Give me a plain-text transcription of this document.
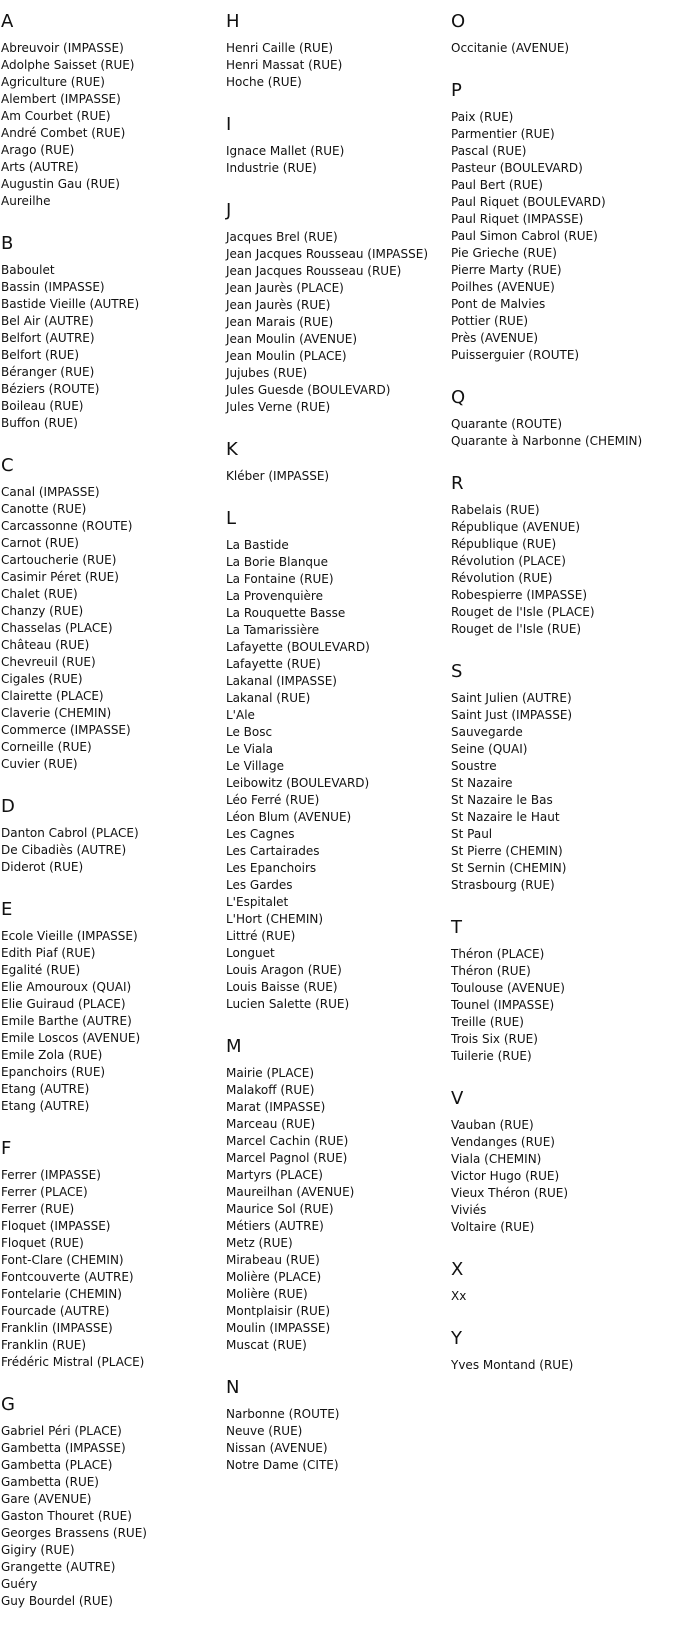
A
Abreuvoir (IMPASSE)
Adolphe Saisset (RUE)
Agriculture (RUE)
Alembert (IMPASSE)
Am Courbet (RUE)
André Combet (RUE)
Arago (RUE)
Arts (AUTRE)
Augustin Gau (RUE)
Aureilhe
B
Baboulet
Bassin (IMPASSE)
Bastide Vieille (AUTRE)
Bel Air (AUTRE)
Belfort (AUTRE)
Belfort (RUE)
Béranger (RUE)
Béziers (ROUTE)
Boileau (RUE)
Buffon (RUE)
C
Canal (IMPASSE)
Canotte (RUE)
Carcassonne (ROUTE)
Carnot (RUE)
Cartoucherie (RUE)
Casimir Péret (RUE)
Chalet (RUE)
Chanzy (RUE)
Chasselas (PLACE)
Château (RUE)
Chevreuil (RUE)
Cigales (RUE)
Clairette (PLACE)
Claverie (CHEMIN)
Commerce (IMPASSE)
Corneille (RUE)
Cuvier (RUE)
D
Danton Cabrol (PLACE)
De Cibadiès (AUTRE)
Diderot (RUE)
E
Ecole Vieille (IMPASSE)
Edith Piaf (RUE)
Egalité (RUE)
Elie Amouroux (QUAI)
Elie Guiraud (PLACE)
Emile Barthe (AUTRE)
Emile Loscos (AVENUE)
Emile Zola (RUE)
Epanchoirs (RUE)
Etang (AUTRE)
Etang (AUTRE)
F
Ferrer (IMPASSE)
Ferrer (PLACE)
Ferrer (RUE)
Floquet (IMPASSE)
Floquet (RUE)
Font-Clare (CHEMIN)
Fontcouverte (AUTRE)
Fontelarie (CHEMIN)
Fourcade (AUTRE)
Franklin (IMPASSE)
Franklin (RUE)
Frédéric Mistral (PLACE)
G
Gabriel Péri (PLACE)
Gambetta (IMPASSE)
Gambetta (PLACE)
Gambetta (RUE)
Gare (AVENUE)
Gaston Thouret (RUE)
Georges Brassens (RUE)
Gigiry (RUE)
Grangette (AUTRE)
Guéry
Guy Bourdel (RUE)
H
Henri Caille (RUE)
Henri Massat (RUE)
Hoche (RUE)
I
Ignace Mallet (RUE)
Industrie (RUE)
J
Jacques Brel (RUE)
Jean Jacques Rousseau (IMPASSE)
Jean Jacques Rousseau (RUE)
Jean Jaurès (PLACE)
Jean Jaurès (RUE)
Jean Marais (RUE)
Jean Moulin (AVENUE)
Jean Moulin (PLACE)
Jujubes (RUE)
Jules Guesde (BOULEVARD)
Jules Verne (RUE)
K
Kléber (IMPASSE)
L
La Bastide
La Borie Blanque
La Fontaine (RUE)
La Provenquière
La Rouquette Basse
La Tamarissière
Lafayette (BOULEVARD)
Lafayette (RUE)
Lakanal (IMPASSE)
Lakanal (RUE)
L'Ale
Le Bosc
Le Viala
Le Village
Leibowitz (BOULEVARD)
Léo Ferré (RUE)
Léon Blum (AVENUE)
Les Cagnes
Les Cartairades
Les Epanchoirs
Les Gardes
L'Espitalet
L'Hort (CHEMIN)
Littré (RUE)
Longuet
Louis Aragon (RUE)
Louis Baisse (RUE)
Lucien Salette (RUE)
M
Mairie (PLACE)
Malakoff (RUE)
Marat (IMPASSE)
Marceau (RUE)
Marcel Cachin (RUE)
Marcel Pagnol (RUE)
Martyrs (PLACE)
Maureilhan (AVENUE)
Maurice Sol (RUE)
Métiers (AUTRE)
Metz (RUE)
Mirabeau (RUE)
Molière (PLACE)
Molière (RUE)
Montplaisir (RUE)
Moulin (IMPASSE)
Muscat (RUE)
N
Narbonne (ROUTE)
Neuve (RUE)
Nissan (AVENUE)
Notre Dame (CITE)
O
Occitanie (AVENUE)
P
Paix (RUE)
Parmentier (RUE)
Pascal (RUE)
Pasteur (BOULEVARD)
Paul Bert (RUE)
Paul Riquet (BOULEVARD)
Paul Riquet (IMPASSE)
Paul Simon Cabrol (RUE)
Pie Grieche (RUE)
Pierre Marty (RUE)
Poilhes (AVENUE)
Pont de Malvies
Pottier (RUE)
Près (AVENUE)
Puisserguier (ROUTE)
Q
Quarante (ROUTE)
Quarante à Narbonne (CHEMIN)
R
Rabelais (RUE)
République (AVENUE)
République (RUE)
Révolution (PLACE)
Révolution (RUE)
Robespierre (IMPASSE)
Rouget de l'Isle (PLACE)
Rouget de l'Isle (RUE)
S
Saint Julien (AUTRE)
Saint Just (IMPASSE)
Sauvegarde
Seine (QUAI)
Soustre
St Nazaire
St Nazaire le Bas
St Nazaire le Haut
St Paul
St Pierre (CHEMIN)
St Sernin (CHEMIN)
Strasbourg (RUE)
T
Théron (PLACE)
Théron (RUE)
Toulouse (AVENUE)
Tounel (IMPASSE)
Treille (RUE)
Trois Six (RUE)
Tuilerie (RUE)
V
Vauban (RUE)
Vendanges (RUE)
Viala (CHEMIN)
Victor Hugo (RUE)
Vieux Théron (RUE)
Viviés
Voltaire (RUE)
X
Xx
Y
Yves Montand (RUE)
